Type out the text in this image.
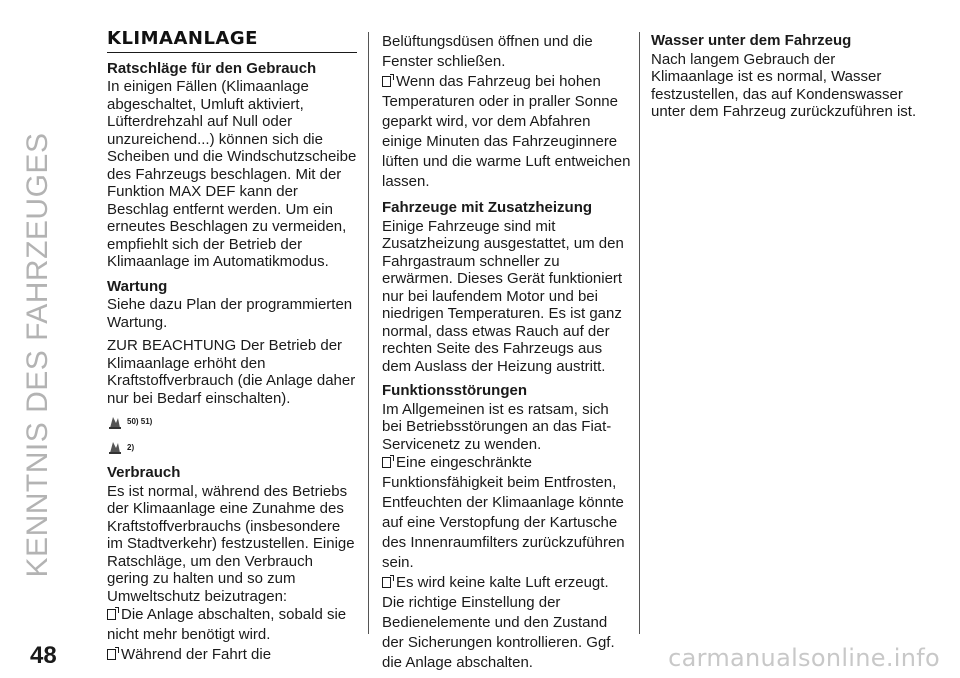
KENNTNIS DES FAHRZEUGES
48
KLIMAANLAGE
Ratschläge für den Gebrauch

In einigen Fällen (Klimaanlage abgeschaltet, Umluft aktiviert, Lüfterdrehzahl auf Null oder unzureichend...) können sich die Scheiben und die Windschutzscheibe des Fahrzeugs beschlagen. Mit der Funktion MAX DEF kann der Beschlag entfernt werden. Um ein erneutes Beschlagen zu vermeiden, empfiehlt sich der Betrieb der Klimaanlage im Automatikmodus.

Wartung

Siehe dazu Plan der programmierten Wartung.

ZUR BEACHTUNG Der Betrieb der Klimaanlage erhöht den Kraftstoffverbrauch (die Anlage daher nur bei Bedarf einschalten).

50) 51)
2)
Verbrauch

Es ist normal, während des Betriebs der Klimaanlage eine Zunahme des Kraftstoffverbrauchs (insbesondere im Stadtverkehr) festzustellen. Einige Ratschläge, um den Verbrauch gering zu halten und so zum Umweltschutz beizutragen:

Die Anlage abschalten, sobald sie nicht mehr benötigt wird.
Während der Fahrt die

Belüftungsdüsen öffnen und die Fenster schließen.

Wenn das Fahrzeug bei hohen Temperaturen oder in praller Sonne geparkt wird, vor dem Abfahren einige Minuten das Fahrzeuginnere lüften und die warme Luft entweichen lassen.
Fahrzeuge mit Zusatzheizung

Einige Fahrzeuge sind mit Zusatzheizung ausgestattet, um den Fahrgastraum schneller zu erwärmen. Dieses Gerät funktioniert nur bei laufendem Motor und bei niedrigen Temperaturen. Es ist ganz normal, dass etwas Rauch auf der rechten Seite des Fahrzeugs aus dem Auslass der Heizung austritt.

Funktionsstörungen

Im Allgemeinen ist es ratsam, sich bei Betriebsstörungen an das Fiat-Servicenetz zu wenden.

Eine eingeschränkte Funktionsfähigkeit beim Entfrosten, Entfeuchten der Klimaanlage könnte auf eine Verstopfung der Kartusche des Innenraumfilters zurückzuführen sein.
Es wird keine kalte Luft erzeugt. Die richtige Einstellung der Bedienelemente und den Zustand der Sicherungen kontrollieren. Ggf. die Anlage abschalten.
Wasser unter dem Fahrzeug

Nach langem Gebrauch der Klimaanlage ist es normal, Wasser festzustellen, das auf Kondenswasser unter dem Fahrzeug zurückzuführen ist.

carmanualsonline.info
